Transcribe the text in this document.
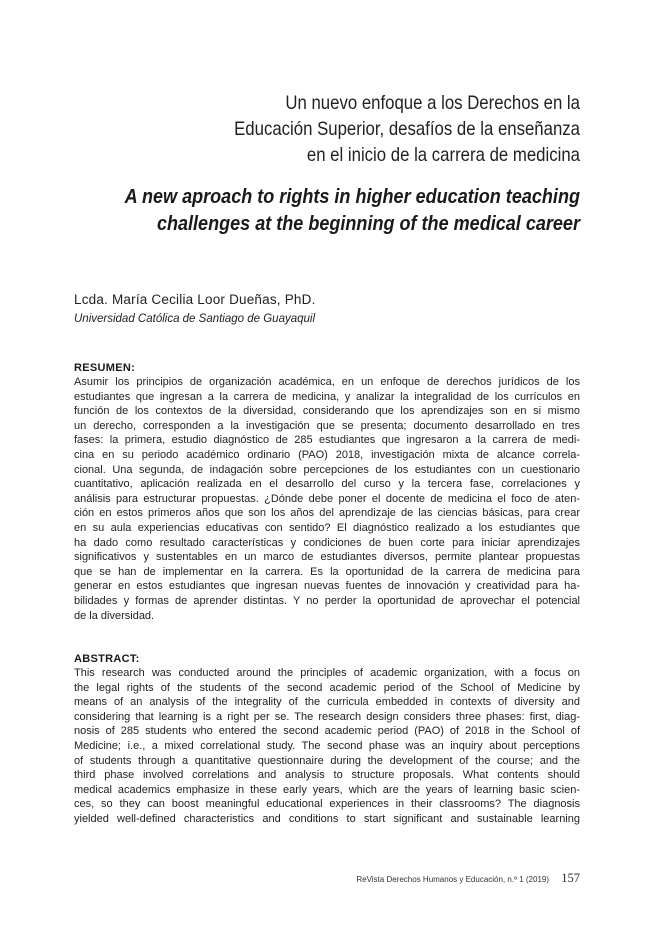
Un nuevo enfoque a los Derechos en la
Educación Superior, desafíos de la enseñanza
en el inicio de la carrera de medicina
A new aproach to rights in higher education teaching
challenges at the beginning of the medical career
Lcda. María Cecilia Loor Dueñas, PhD.
Universidad Católica de Santiago de Guayaquil
RESUMEN:

Asumir los principios de organización académica, en un enfoque de derechos jurídicos de los

estudiantes que ingresan a la carrera de medicina, y analizar la integralidad de los currículos en

función de los contextos de la diversidad, considerando que los aprendizajes son en si mismo

un derecho, corresponden a la investigación que se presenta; documento desarrollado en tres

fases: la primera, estudio diagnóstico de 285 estudiantes que ingresaron a la carrera de medi-

cina en su periodo académico ordinario (PAO) 2018, investigación mixta de alcance correla-

cional. Una segunda, de indagación sobre percepciones de los estudiantes con un cuestionario

cuantitativo, aplicación realizada en el desarrollo del curso y la tercera fase, correlaciones y

análisis para estructurar propuestas. ¿Dónde debe poner el docente de medicina el foco de aten-

ción en estos primeros años que son los años del aprendizaje de las ciencias básicas, para crear

en su aula experiencias educativas con sentido? El diagnóstico realizado a los estudiantes que

ha dado como resultado características y condiciones de buen corte para iniciar aprendizajes

significativos y sustentables en un marco de estudiantes diversos, permite plantear propuestas

que se han de implementar en la carrera. Es la oportunidad de la carrera de medicina para

generar en estos estudiantes que ingresan nuevas fuentes de innovación y creatividad para ha-

bilidades y formas de aprender distintas. Y no perder la oportunidad de aprovechar el potencial

de la diversidad.

ABSTRACT:

This research was conducted around the principles of academic organization, with a focus on

the legal rights of the students of the second academic period of the School of Medicine by

means of an analysis of the integrality of the curricula embedded in contexts of diversity and

considering that learning is a right per se. The research design considers three phases: first, diag-

nosis of 285 students who entered the second academic period (PAO) of 2018 in the School of

Medicine; i.e., a mixed correlational study. The second phase was an inquiry about perceptions

of students through a quantitative questionnaire during the development of the course; and the

third phase involved correlations and analysis to structure proposals. What contents should

medical academics emphasize in these early years, which are the years of learning basic scien-

ces, so they can boost meaningful educational experiences in their classrooms? The diagnosis

yielded well-defined characteristics and conditions to start significant and sustainable learning

ReVista Derechos Humanos y Educación, n.º 1 (2019) 157
